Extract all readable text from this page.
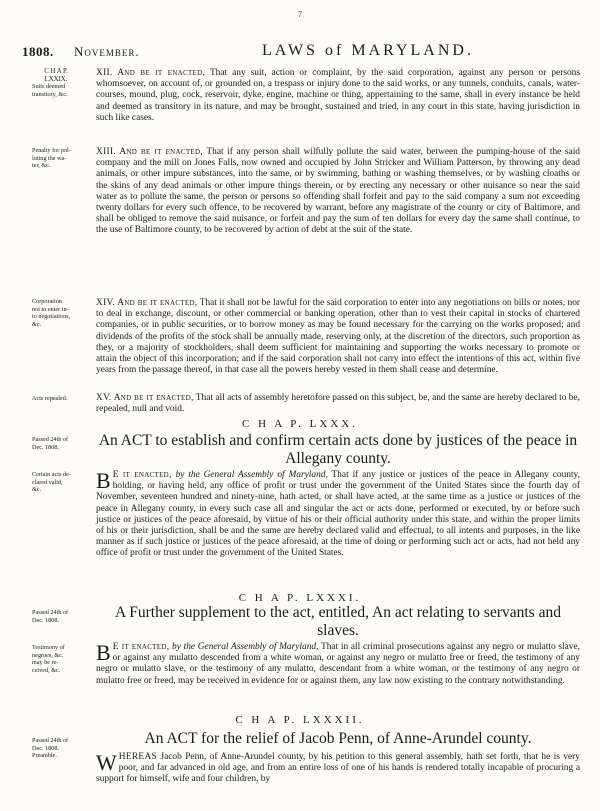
7
1808. November.	LAWS of MARYLAND.
C H A P.
LXXIX.
Suits deemed
transitory, &c.
XII. And be it enacted, That any suit, action or complaint, by the said corporation, against any person or persons whomsoever, on account of, or grounded on, a trespass or injury done to the said works, or any tunnels, conduits, canals, water-courses, mound, plug, cock, reservoir, dyke, engine, machine or thing, appertaining to the same, shall in every instance be held and deemed as transitory in its nature, and may be brought, sustained and tried, in any court in this state, having jurisdiction in such like cases.
Penalty for pol-
luting the wa-
ter, &c.
XIII. And be it enacted, That if any person shall wilfully pollute the said water, between the pumping-house of the said company and the mill on Jones Falls, now owned and occupied by John Stricker and William Patterson, by throwing any dead animals, or other impure substances, into the same, or by swimming, bathing or washing themselves, or by washing cloaths or the skins of any dead animals or other impure things therein, or by erecting any necessary or other nuisance so near the said water as to pollute the same, the person or persons so offending shall forfeit and pay to the said company a sum not exceeding twenty dollars for every such offence, to be recovered by warrant, before any magistrate of the county or city of Baltimore, and shall be obliged to remove the said nuisance, or forfeit and pay the sum of ten dollars for every day the same shall continue, to the use of Baltimore county, to be recovered by action of debt at the suit of the state.
Corporation
not to enter in-
to negotiations,
&c.
XIV. And be it enacted, That it shall not be lawful for the said corporation to enter into any negotiations on bills or notes, nor to deal in exchange, discount, or other commercial or banking operation, other than to vest their capital in stocks of chartered companies, or in public securities, or to borrow money as may be found necessary for the carrying on the works proposed; and dividends of the profits of the stock shall be annually made, reserving only, at the discretion of the directors, such proportion as they, or a majority of stockholders, shall deem sufficient for maintaining and supporting the works necessary to promote or attain the object of this incorporation; and if the said corporation shall not carry into effect the intentions of this act, within five years from the passage thereof, in that case all the powers hereby vested in them shall cease and determine.
Acts repealed.	XV. And be it enacted, That all acts of assembly heretofore passed on this subject, be, and the same are hereby declared to be, repealed, null and void.
C H A P. LXXX.
Passed 24th of
Dec. 1808.	An ACT to establish and confirm certain acts done by justices of the peace in Allegany county.
Certain acts de-
clared valid,
&c.	B E it enacted, by the General Assembly of Maryland, That if any justice or justices of the peace in Allegany county, holding, or having held, any office of profit or trust under the government of the United States since the fourth day of November, seventeen hundred and ninety-nine, hath acted, or shall have acted, at the same time as a justice or justices of the peace in Allegany county, in every such case all and singular the act or acts done, performed or executed, by or before such justice or justices of the peace aforesaid, by virtue of his or their official authority under this state, and within the proper limits of his or their jurisdiction, shall be and the same are hereby declared valid and effectual, to all intents and purposes, in the like manner as if such justice or justices of the peace aforesaid, at the time of doing or performing such act or acts, had not held any office of profit or trust under the government of the United States.
C H A P. LXXXI.
Passed 24th of
Dec. 1808.	A Further supplement to the act, entitled, An act relating to servants and slaves.
Testimony of
negroes, &c.
may be re-
ceived, &c.
B E it enacted, by the General Assembly of Maryland, That in all criminal prosecutions against any negro or mulatto slave, or against any mulatto descended from a white woman, or against any negro or mulatto free or freed, the testimony of any negro or mulatto slave, or the testimony of any mulatto, descendant from a white woman, or the testimony of any negro or mulatto free or freed, may be received in evidence for or against them, any law now existing to the contrary notwithstanding.
C H A P. LXXXII.
Passed 24th of
Dec. 1808.
Preamble.
An ACT for the relief of Jacob Penn, of Anne-Arundel county.
WHEREAS Jacob Penn, of Anne-Arundel county, by his petition to this general assembly, hath set forth, that he is very poor, and far advanced in old age, and from an entire loss of one of his hands is rendered totally incapable of procuring a support for himself, wife and four children, by
